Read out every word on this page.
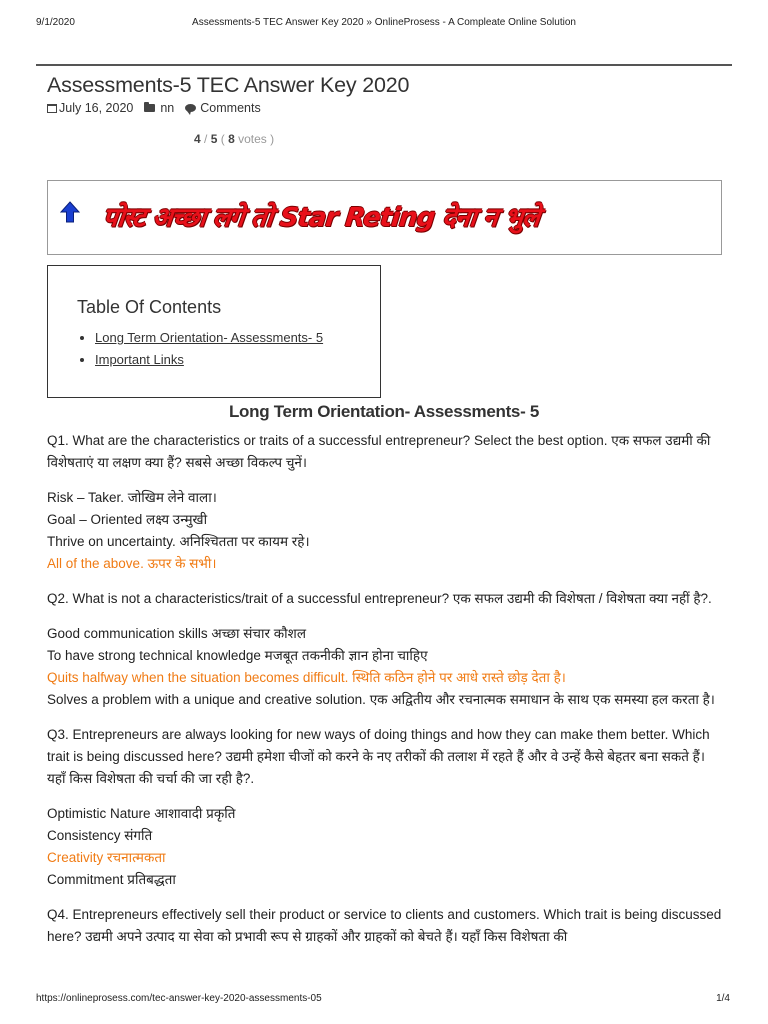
9/1/2020	Assessments-5 TEC Answer Key 2020 » OnlineProsess - A Compleate Online Solution
Assessments-5 TEC Answer Key 2020
July 16, 2020 nn Comments
4 / 5 ( 8 votes )
पोस्ट अच्छा लगे तो Star Reting देना न भुले
Table Of Contents
• Long Term Orientation- Assessments- 5
• Important Links
Long Term Orientation- Assessments- 5

Q1. What are the characteristics or traits of a successful entrepreneur? Select the best option. एक सफल उद्यमी की विशेषताएं या लक्षण क्या हैं? सबसे अच्छा विकल्प चुनें।

Risk – Taker. जोखिम लेने वाला।
Goal – Oriented लक्ष्य उन्मुखी
Thrive on uncertainty. अनिश्चितता पर कायम रहे।
All of the above. ऊपर के सभी।

Q2. What is not a characteristics/trait of a successful entrepreneur? एक सफल उद्यमी की विशेषता / विशेषता क्या नहीं है?.

Good communication skills अच्छा संचार कौशल
To have strong technical knowledge मजबूत तकनीकी ज्ञान होना चाहिए
Quits halfway when the situation becomes difficult. स्थिति कठिन होने पर आधे रास्ते छोड़ देता है।
Solves a problem with a unique and creative solution. एक अद्वितीय और रचनात्मक समाधान के साथ एक समस्या हल करता है।

Q3. Entrepreneurs are always looking for new ways of doing things and how they can make them better. Which trait is being discussed here? उद्यमी हमेशा चीजों को करने के नए तरीकों की तलाश में रहते हैं और वे उन्हें कैसे बेहतर बना सकते हैं। यहाँ किस विशेषता की चर्चा की जा रही है?.

Optimistic Nature आशावादी प्रकृति
Consistency संगति
Creativity रचनात्मकता
Commitment प्रतिबद्धता

Q4. Entrepreneurs effectively sell their product or service to clients and customers. Which trait is being discussed here? उद्यमी अपने उत्पाद या सेवा को प्रभावी रूप से ग्राहकों और ग्राहकों को बेचते हैं। यहाँ किस विशेषता की

https://onlineprosess.com/tec-answer-key-2020-assessments-05	1/4
